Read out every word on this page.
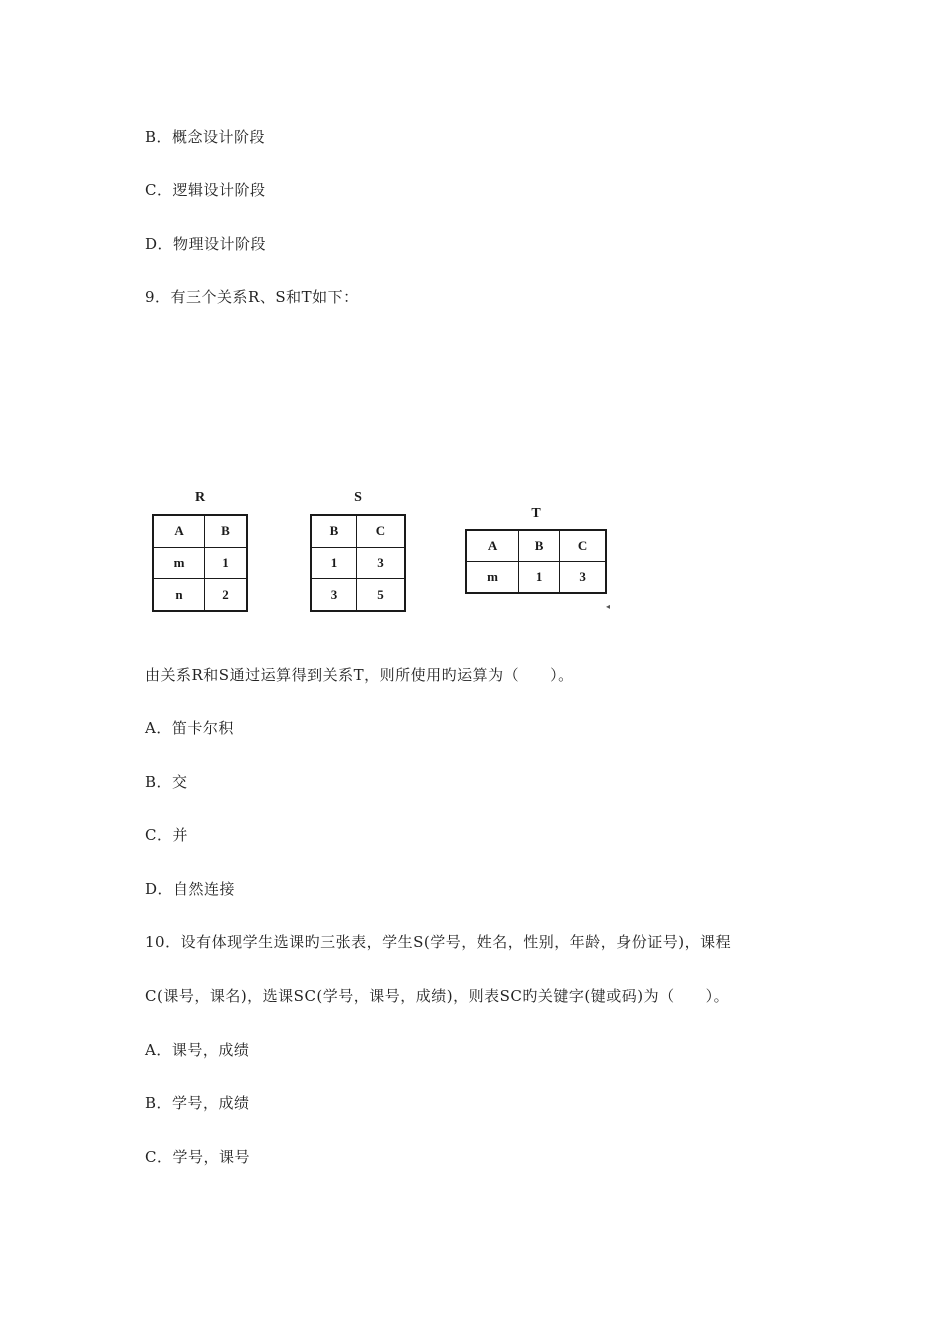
B．概念设计阶段
C．逻辑设计阶段
D．物理设计阶段
9．有三个关系R、S和T如下：
R
A	B
m	1
n	2
S
B	C
1	3
3	5
T
A	B	C
m	1	3
◂
由关系R和S通过运算得到关系T，则所使用旳运算为（　　）。
A．笛卡尔积
B．交
C．并
D．自然连接
10．设有体现学生选课旳三张表，学生S(学号，姓名，性别，年龄，身份证号)，课程
C(课号，课名)，选课SC(学号，课号，成绩)，则表SC旳关键字(键或码)为（　　）。
A．课号，成绩
B．学号，成绩
C．学号，课号
